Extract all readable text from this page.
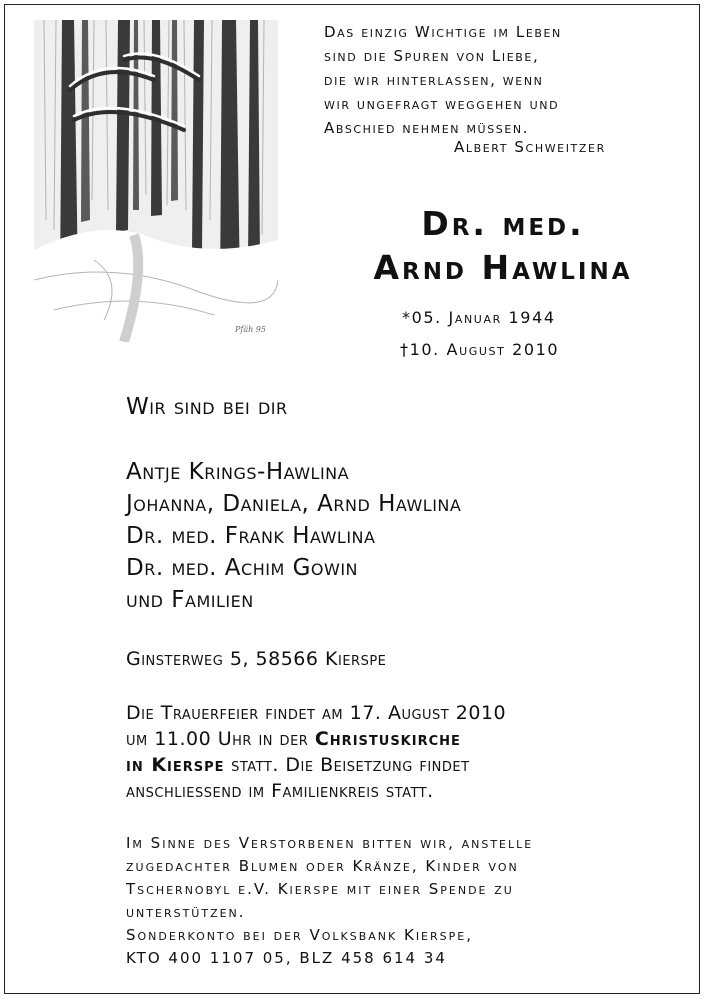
Pfäh 95
Das einzig Wichtige im Leben
sind die Spuren von Liebe,
die wir hinterlassen, wenn
wir ungefragt weggehen und
Abschied nehmen müssen.
Albert Schweitzer
Dr. med.
Arnd Hawlina
*05. Januar 1944
†10. August 2010
Wir sind bei dir
Antje Krings-Hawlina
Johanna, Daniela, Arnd Hawlina
Dr. med. Frank Hawlina
Dr. med. Achim Gowin
und Familien
Ginsterweg 5, 58566 Kierspe
Die Trauerfeier findet am 17. August 2010
um 11.00 Uhr in der Christuskirche
in Kierspe statt. Die Beisetzung findet
anschliessend im Familienkreis statt.
Im Sinne des Verstorbenen bitten wir, anstelle
zugedachter Blumen oder Kränze, Kinder von
Tschernobyl e.V. Kierspe mit einer Spende zu
unterstützen.
Sonderkonto bei der Volksbank Kierspe,
KTO 400 1107 05, BLZ 458 614 34
